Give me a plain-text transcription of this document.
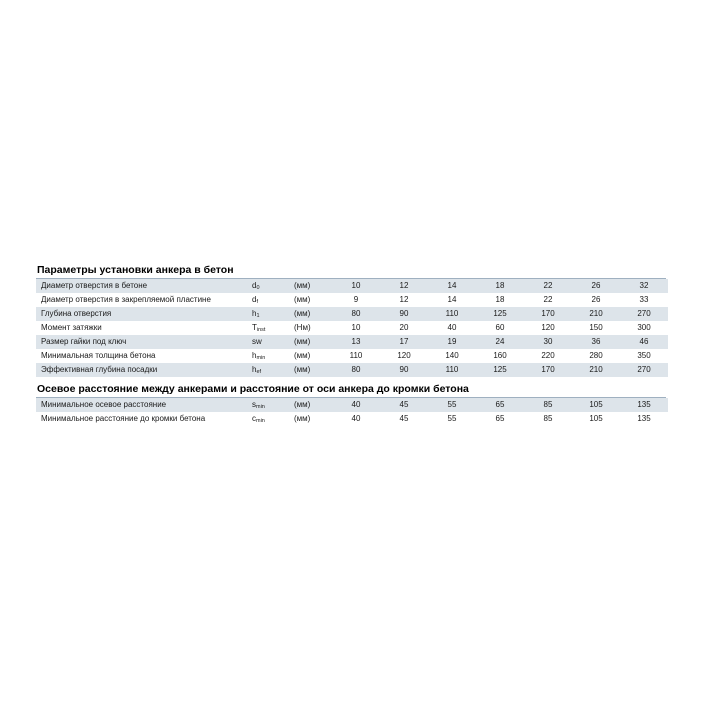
Параметры установки анкера в бетон
Диаметр отверстия в бетоне	$d_0$	(мм)	10	12	14	18	22	26	32
Диаметр отверстия в закрепляемой пластине	$d_f$	(мм)	9	12	14	18	22	26	33
Глубина отверстия	$h_1$	(мм)	80	90	110	125	170	210	270
Момент затяжки	$T_{inst}$	(Нм)	10	20	40	60	120	150	300
Размер гайки под ключ	sw	(мм)	13	17	19	24	30	36	46
Минимальная толщина бетона	$h_{min}$	(мм)	110	120	140	160	220	280	350
Эффективная глубина посадки	$h_{ef}$	(мм)	80	90	110	125	170	210	270
Осевое расстояние между анкерами и расстояние от оси анкера до кромки бетона
Минимальное осевое расстояние	$s_{min}$	(мм)	40	45	55	65	85	105	135
Минимальное расстояние до кромки бетона	$c_{min}$	(мм)	40	45	55	65	85	105	135
